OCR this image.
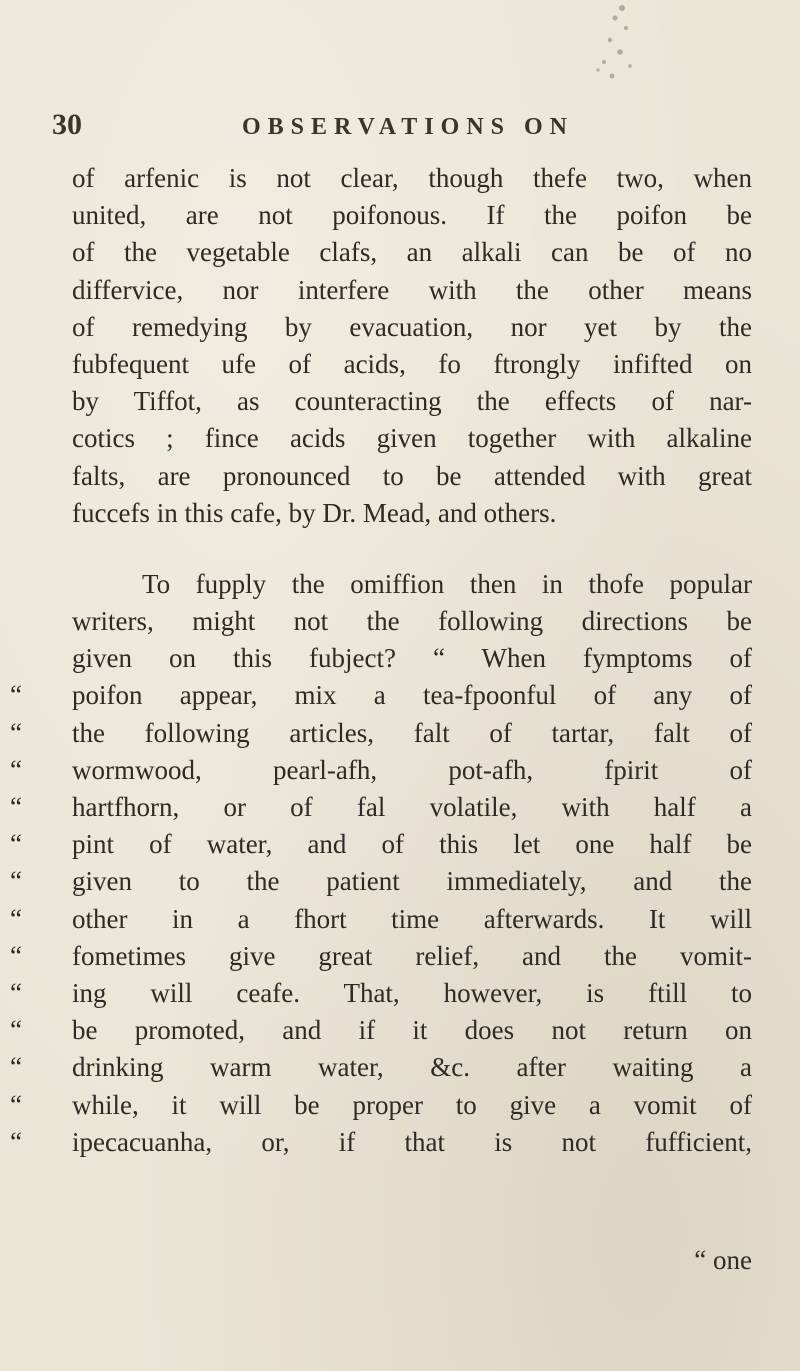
30	OBSERVATIONS ON
of arfenic is not clear, though thefe two, when
united, are not poifonous. If the poifon be
of the vegetable clafs, an alkali can be of no
differvice, nor interfere with the other means
of remedying by evacuation, nor yet by the
fubfequent ufe of acids, fo ftrongly infifted on
by Tiffot, as counteracting the effects of nar-
cotics ; fince acids given together with alkaline
falts, are pronounced to be attended with great
fuccefs in this cafe, by Dr. Mead, and others.
To fupply the omiffion then in thofe popular
writers, might not the following directions be
given on this fubject? “ When fymptoms of
“ poifon appear, mix a tea-fpoonful of any of
“ the following articles, falt of tartar, falt of
“ wormwood, pearl-afh, pot-afh, fpirit of
“ hartfhorn, or of fal volatile, with half a
“ pint of water, and of this let one half be
“ given to the patient immediately, and the
“ other in a fhort time afterwards. It will
“ fometimes give great relief, and the vomit-
“ ing will ceafe. That, however, is ftill to
“ be promoted, and if it does not return on
“ drinking warm water, &c. after waiting a
“ while, it will be proper to give a vomit of
“ ipecacuanha, or, if that is not fufficient,
“ one
